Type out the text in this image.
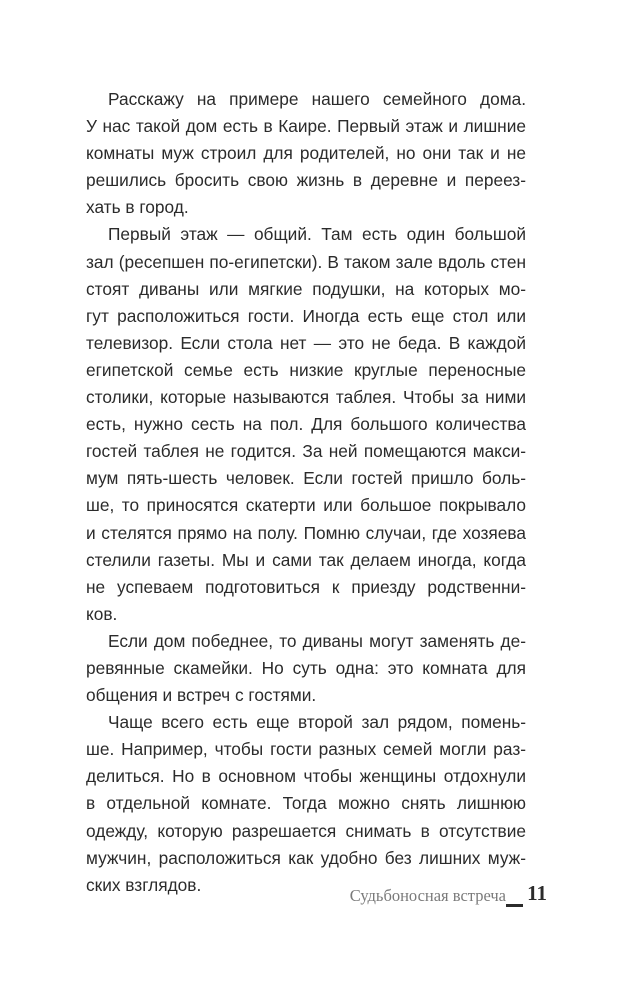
Расскажу на примере нашего семейного дома.
У нас такой дом есть в Каире. Первый этаж и лишние
комнаты муж строил для родителей, но они так и не
решились бросить свою жизнь в деревне и переез-
хать в город.
Первый этаж — общий. Там есть один большой
зал (ресепшен по-египетски). В таком зале вдоль стен
стоят диваны или мягкие подушки, на которых мо-
гут расположиться гости. Иногда есть еще стол или
телевизор. Если стола нет — это не беда. В каждой
египетской семье есть низкие круглые переносные
столики, которые называются таблея. Чтобы за ними
есть, нужно сесть на пол. Для большого количества
гостей таблея не годится. За ней помещаются макси-
мум пять-шесть человек. Если гостей пришло боль-
ше, то приносятся скатерти или большое покрывало
и стелятся прямо на полу. Помню случаи, где хозяева
стелили газеты. Мы и сами так делаем иногда, когда
не успеваем подготовиться к приезду родственни-
ков.
Если дом победнее, то диваны могут заменять де-
ревянные скамейки. Но суть одна: это комната для
общения и встреч с гостями.
Чаще всего есть еще второй зал рядом, помень-
ше. Например, чтобы гости разных семей могли раз-
делиться. Но в основном чтобы женщины отдохнули
в отдельной комнате. Тогда можно снять лишнюю
одежду, которую разрешается снимать в отсутствие
мужчин, расположиться как удобно без лишних муж-
ских взглядов.
Судьбоносная встреча 11
